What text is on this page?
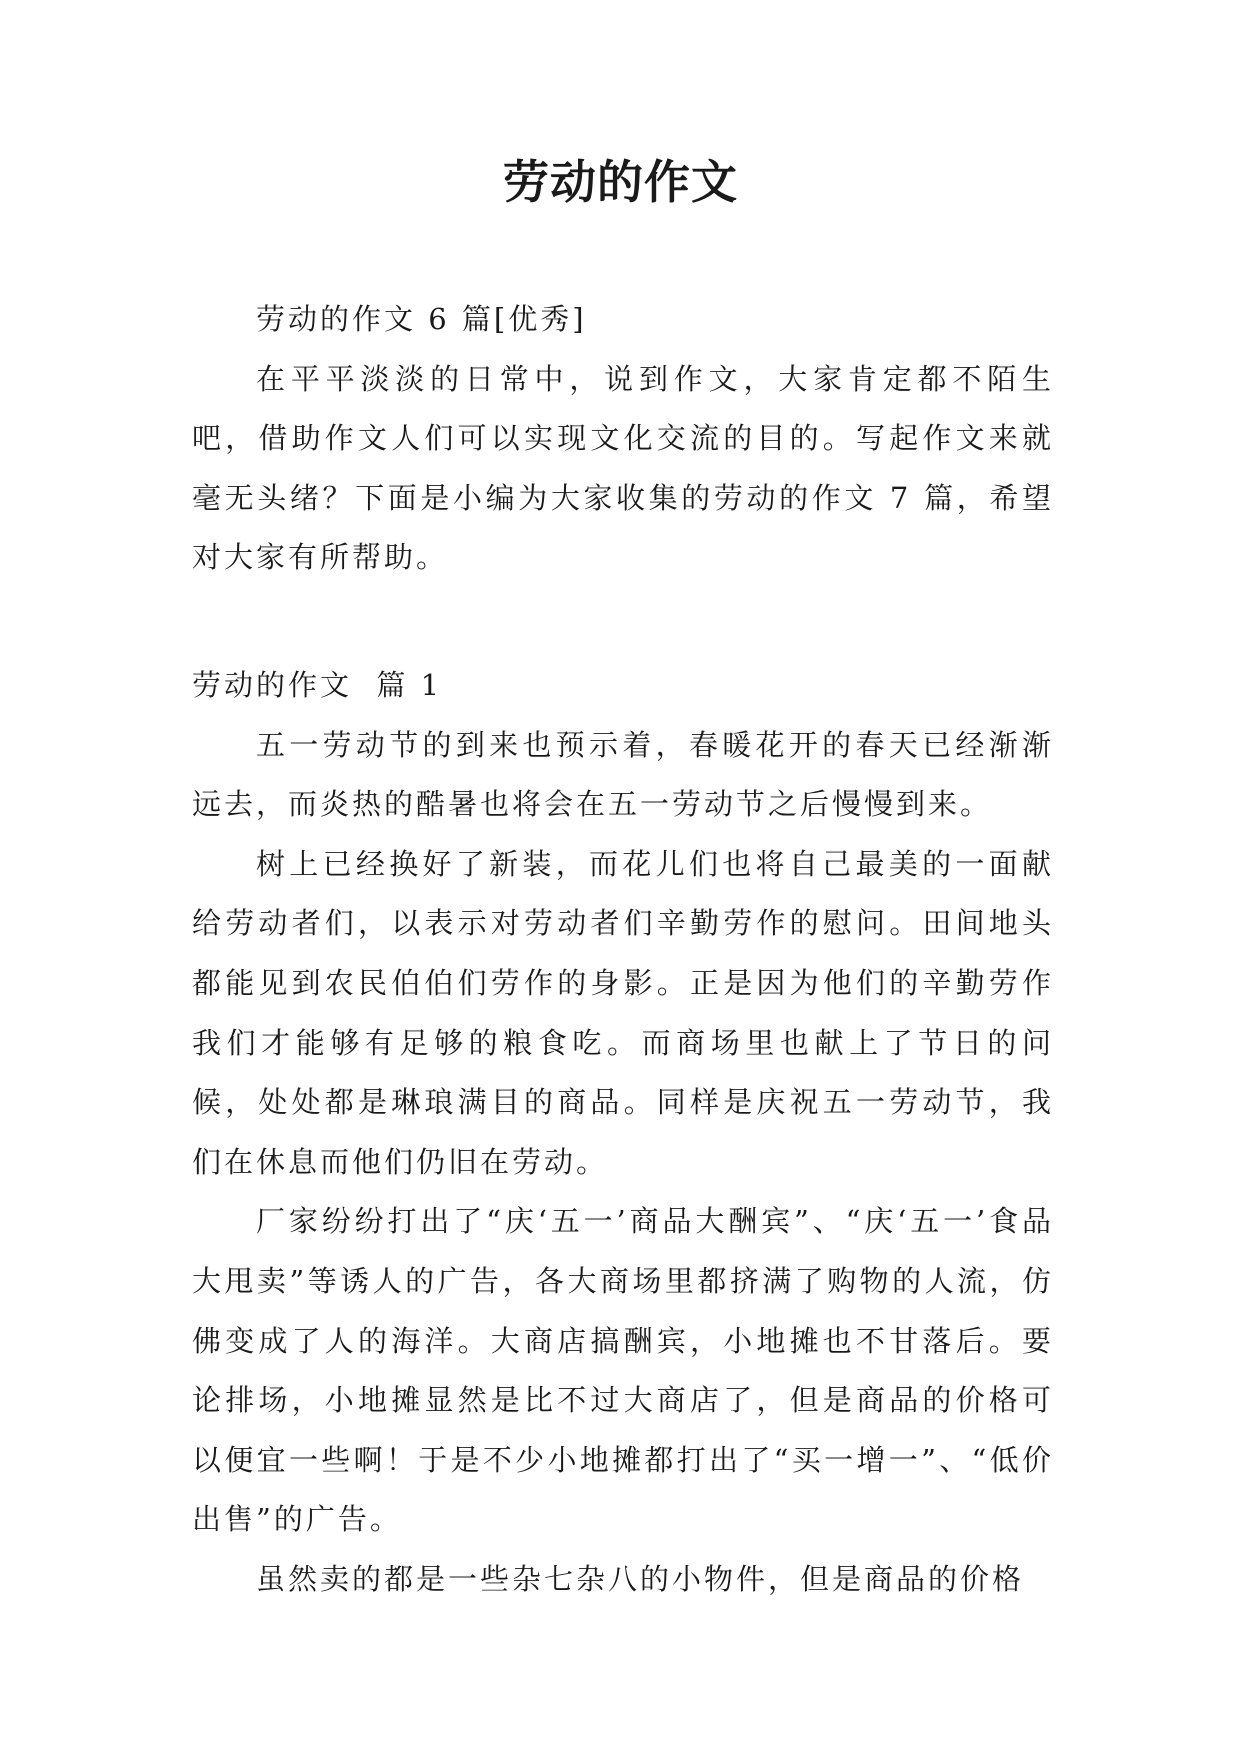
劳动的作文

劳动的作文 6 篇[优秀]

在平平淡淡的日常中，说到作文，大家肯定都不陌生吧，借助作文人们可以实现文化交流的目的。写起作文来就毫无头绪？下面是小编为大家收集的劳动的作文 7 篇，希望对大家有所帮助。

劳动的作文  篇 1

五一劳动节的到来也预示着，春暖花开的春天已经渐渐远去，而炎热的酷暑也将会在五一劳动节之后慢慢到来。

树上已经换好了新装，而花儿们也将自己最美的一面献给劳动者们，以表示对劳动者们辛勤劳作的慰问。田间地头都能见到农民伯伯们劳作的身影。正是因为他们的辛勤劳作我们才能够有足够的粮食吃。而商场里也献上了节日的问候，处处都是琳琅满目的商品。同样是庆祝五一劳动节，我们在休息而他们仍旧在劳动。

厂家纷纷打出了“庆‘五一’商品大酬宾”、“庆‘五一’食品大甩卖”等诱人的广告，各大商场里都挤满了购物的人流，仿佛变成了人的海洋。大商店搞酬宾，小地摊也不甘落后。要论排场，小地摊显然是比不过大商店了，但是商品的价格可以便宜一些啊！于是不少小地摊都打出了“买一增一”、“低价出售”的广告。

虽然卖的都是一些杂七杂八的小物件，但是商品的价格
